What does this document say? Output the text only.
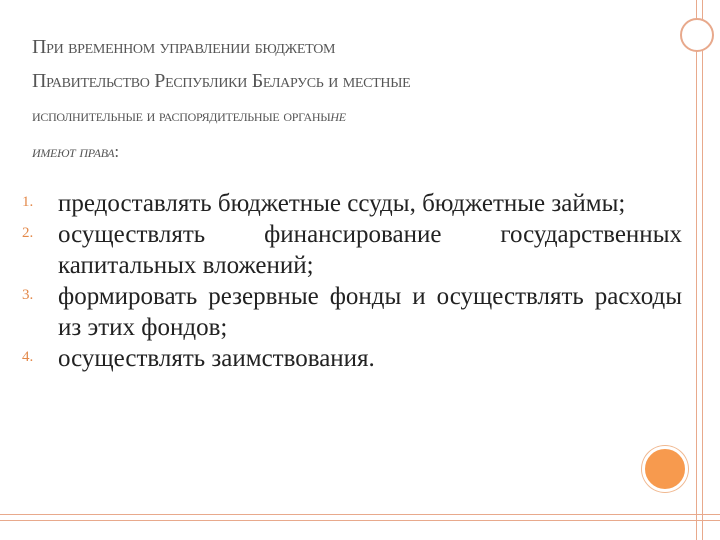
При временном управлении бюджетом
Правительство Республики Беларусь и местные
исполнительные и распорядительные органыне
имеют права:
1. предоставлять бюджетные ссуды, бюджетные займы;
2. осуществлять финансирование государственных капитальных вложений;
3. формировать резервные фонды и осуществлять расходы из этих фондов;
4. осуществлять заимствования.
